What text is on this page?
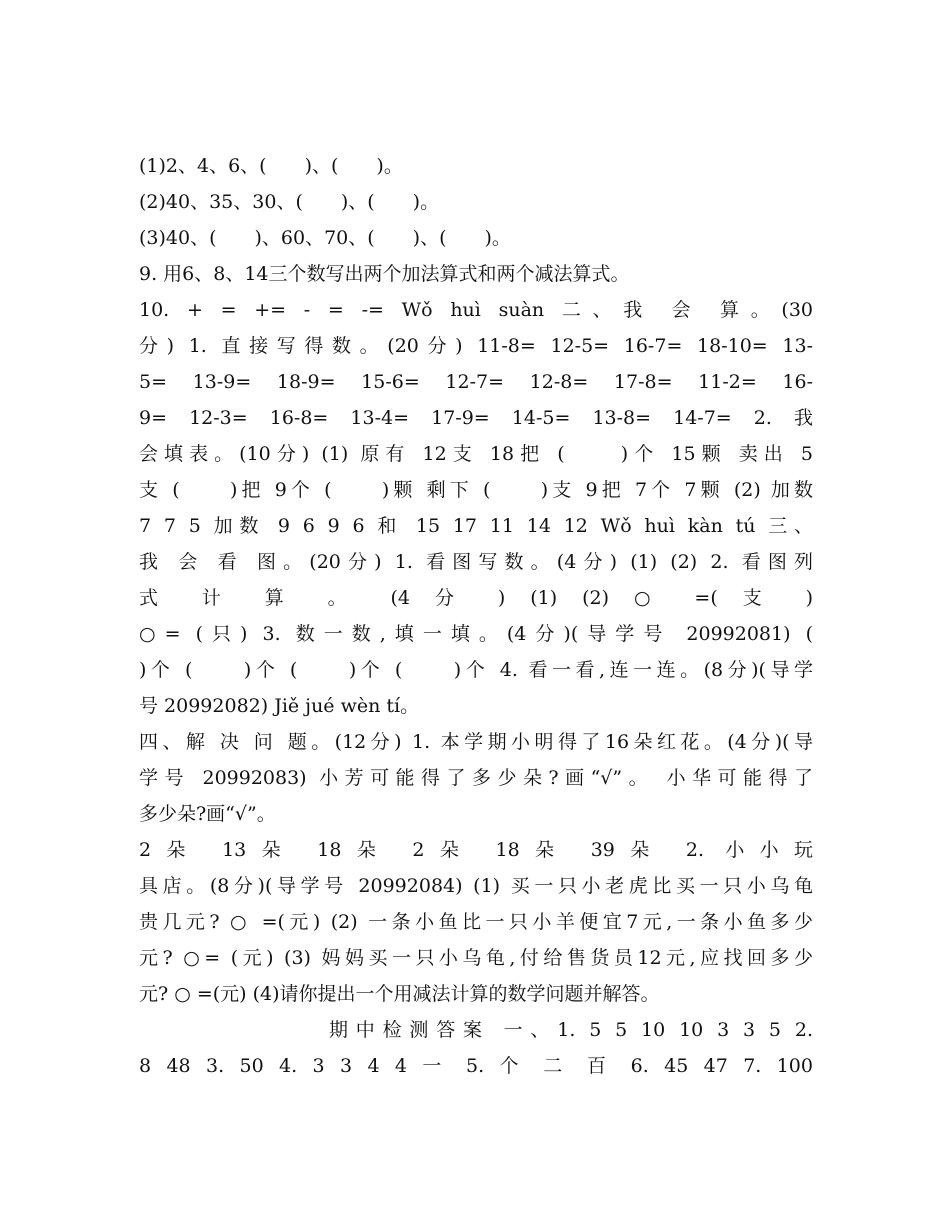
(1)2、4、6、(　　)、(　　)。
(2)40、35、30、(　　)、(　　)。
(3)40、(　　)、60、70、(　　)、(　　)。
9. 用6、8、14三个数写出两个加法算式和两个减法算式。
10. + = += - = -= Wǒ huì suàn 二、我 会 算。(30
分) 1. 直接写得数。(20分) 11-8= 12-5= 16-7= 18-10= 13-
5= 13-9= 18-9= 15-6= 12-7= 12-8= 17-8= 11-2= 16-
9= 12-3= 16-8= 13-4= 17-9= 14-5= 13-8= 14-7= 2. 我
会填表。(10分) (1) 原有 12支 18把 (　　)个 15颗 卖出 5
支 (　　)把 9个 (　　)颗 剩下 (　　)支 9把 7个 7颗 (2) 加数
7 7 5 加数 9 6 9 6 和 15 17 11 14 12 Wǒ huì kàn tú 三、
我 会 看 图。(20分) 1. 看图写数。(4分) (1) (2) 2. 看图列
式 计 算 。 (4 分 ) (1) (2) ○ =( 支 )
○= (只) 3. 数一数,填一填。(4分)(导学号 20992081) (
)个 (　　)个 (　　)个 (　　)个 4. 看一看,连一连。(8分)(导学
号 20992082) Jiě jué wèn tí。
四、解 决 问 题。(12分) 1. 本学期小明得了16朵红花。(4分)(导
学号 20992083) 小芳可能得了多少朵?画“√”。 小华可能得了
多少朵?画“√”。
2朵 13朵 18朵 2朵 18朵 39朵 2. 小小玩
具店。(8分)(导学号 20992084) (1) 买一只小老虎比买一只小乌龟
贵几元? ○ =(元) (2) 一条小鱼比一只小羊便宜7元,一条小鱼多少
元? ○= (元) (3) 妈妈买一只小乌龟,付给售货员12元,应找回多少
元? ○ =(元) (4)请你提出一个用减法计算的数学问题并解答。
期中检测答案 一、1. 5 5 10 10 3 3 5 2.
8 48 3. 50 4. 3 3 4 4 一 5. 个 二 百 6. 45 47 7. 100
